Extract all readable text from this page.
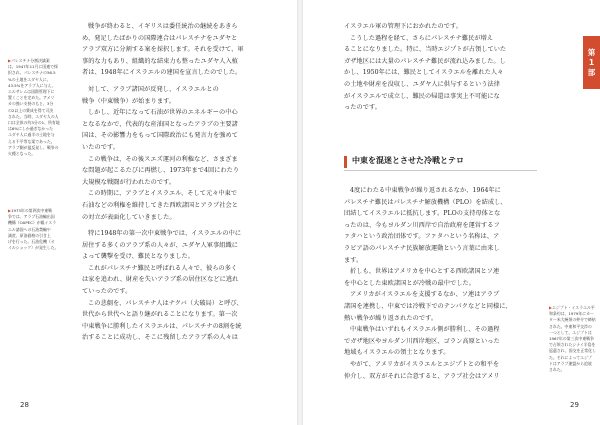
▶パレスチナ分割決議案

は、1947年11月に国連で採

択され、パレスチナの56.5

%の土地をユダヤ人に、

43.5%をアラブ人に与え、

エルサレムは国際管理下に

置くことを定めた。アメリ

カの強い支持のもと、3分

の2以上の賛成を得て可決

された。当時、ユダヤ人の人

口は全体の約3分の1、所有地

は6%にしか過ぎなかった

ユダヤ人に過半の土地を与

える不平等な案であった。

アラブ側が猛反発し、戦争の

火種となった。

▶1973年の第四次中東戦

争では、アラブ石油輸出国

機構（OAPEC）が親イスラ

エル諸国への石油禁輸や

減産、原油価格の引き上

げを行った。石油危機（オ

イルショック）が発生した。

戦争が終わると、イギリスは委任統治の継続をあきら

め、発足したばかりの国際連合はパレスチナをユダヤと

アラブ双方に分割する案を採択します。それを受けて、軍

事的な力もあり、組織的な結束力も整ったユダヤ人入植

者は、1948年にイスラエルの建国を宣言したのでした。

対して、アラブ諸国が反発し、イスラエルとの

戦争（中東戦争）が始まります。

しかし、近年になって石油が世界のエネルギーの中心

となるなかで、代表的な産油国となったアラブの主要諸

国は、その影響力をもって国際政治にも発言力を強めて

いたのです。

この戦争は、その後スエズ運河の利権など、さまざま

な問題が起こるたびに再燃し、1973年まで4回にわたり

大規模な戦闘が行われたのです。

この時期に、アラブとイスラエル、そして元々中東で

石油などの利権を維持してきた西欧諸国とアラブ社会と

の対立が表面化していきました。

特に1948年の第一次中東戦争では、イスラエルの中に

居住する多くのアラブ系の人々が、ユダヤ人軍事組織に

よって襲撃を受け、難民となりました。

これがパレスチナ難民と呼ばれる人々で、彼らの多く

は家を追われ、財産を失いアラブ系の居住区などに逃れ

ていったのです。

この悲劇を、パレスチナ人はナクバ（大破局）と呼び、

世代から世代へと語り継がれることになります。第一次

中東戦争に勝利したイスラエルは、パレスチナの8割を統

治することに成功し、そこに残留したアラブ系の人々は

イスラエル軍の管理下におかれたのです。

こうした過程を経て、さらにパレスチナ難民が増え

ることになりました。特に、当時エジプトが占領していた

ガザ地区には大量のパレスチナ難民が流れ込みました。し

かし、1950年には、難民としてイスラエルを離れた人々

の土地や財産を没収し、ユダヤ人に供与するという法律

がイスラエルで成立し、難民の帰還は事実上不可能にな

ったのです。

中東を混迷とさせた冷戦とテロ

4度にわたる中東戦争が繰り返されるなか、1964年に

パレスチナ難民はパレスチナ解放機構（PLO）を結成し、

団結してイスラエルに抵抗します。PLOの支持母体とな

ったのは、今もヨルダン川西岸で自治政府を運営するフ

ァタハという政治団体です。ファタハという名称は、ア

ラビア語のパレスチナ民族解放運動という言葉に由来し

ます。

折しも、世界はアメリカを中心とする西欧諸国とソ連

を中心とした東欧諸国とが冷戦の最中でした。

アメリカがイスラエルを支援するなか、ソ連はアラブ

諸国を連携し、中東では冷戦下でのテンパクなどと同様に、

熱い戦争が繰り返されたのです。

中東戦争はいずれもイスラエル側が勝利し、その過程

でガザ地区やヨルダン川西岸地区、ゴラン高原といった

地域もイスラエルの領土となります。

やがて、アメリカがイスラエルとエジプトとの和平を

仲介し、双方がそれに合意すると、アラブ社会はアメリ

▶エジプト・イスラエル平

和条約は、1979年にカー

ター米大統領の仲介で締結

された。中東和平交渉の

一つとして、エジプトは

1967年の第三次中東戦争

で占領されたシナイ半島を

返還され、国交を正常化し

た。それによってエジプ

トはアラブ連盟から追放

された。

第
1
部
28	29
